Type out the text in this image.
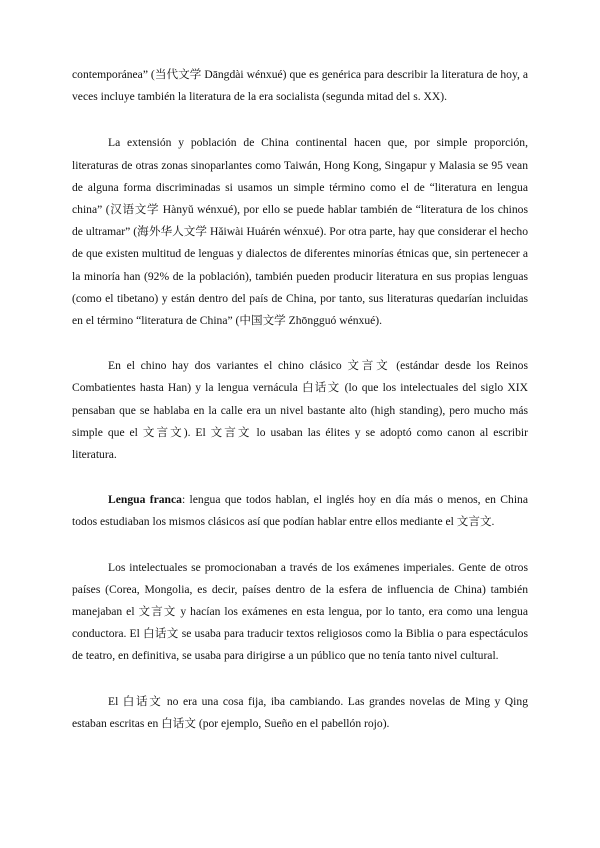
contemporánea” (当代文学 Dāngdài wénxué) que es genérica para describir la literatura de hoy, a veces incluye también la literatura de la era socialista (segunda mitad del s. XX).

La extensión y población de China continental hacen que, por simple proporción, literaturas de otras zonas sinoparlantes como Taiwán, Hong Kong, Singapur y Malasia se 95 vean de alguna forma discriminadas si usamos un simple término como el de “literatura en lengua china” (汉语文学 Hànyǔ wénxué), por ello se puede hablar también de “literatura de los chinos de ultramar” (海外华人文学 Hǎiwài Huárén wénxué). Por otra parte, hay que considerar el hecho de que existen multitud de lenguas y dialectos de diferentes minorías étnicas que, sin pertenecer a la minoría han (92% de la población), también pueden producir literatura en sus propias lenguas (como el tibetano) y están dentro del país de China, por tanto, sus literaturas quedarían incluidas en el término “literatura de China” (中国文学 Zhōngguó wénxué).

En el chino hay dos variantes el chino clásico 文言文 (estándar desde los Reinos Combatientes hasta Han) y la lengua vernácula 白话文 (lo que los intelectuales del siglo XIX pensaban que se hablaba en la calle era un nivel bastante alto (high standing), pero mucho más simple que el 文言文). El 文言文 lo usaban las élites y se adoptó como canon al escribir literatura.

Lengua franca: lengua que todos hablan, el inglés hoy en día más o menos, en China todos estudiaban los mismos clásicos así que podían hablar entre ellos mediante el 文言文.

Los intelectuales se promocionaban a través de los exámenes imperiales. Gente de otros países (Corea, Mongolia, es decir, países dentro de la esfera de influencia de China) también manejaban el 文言文 y hacían los exámenes en esta lengua, por lo tanto, era como una lengua conductora. El 白话文 se usaba para traducir textos religiosos como la Biblia o para espectáculos de teatro, en definitiva, se usaba para dirigirse a un público que no tenía tanto nivel cultural.

El 白话文 no era una cosa fija, iba cambiando. Las grandes novelas de Ming y Qing estaban escritas en 白话文 (por ejemplo, Sueño en el pabellón rojo).
